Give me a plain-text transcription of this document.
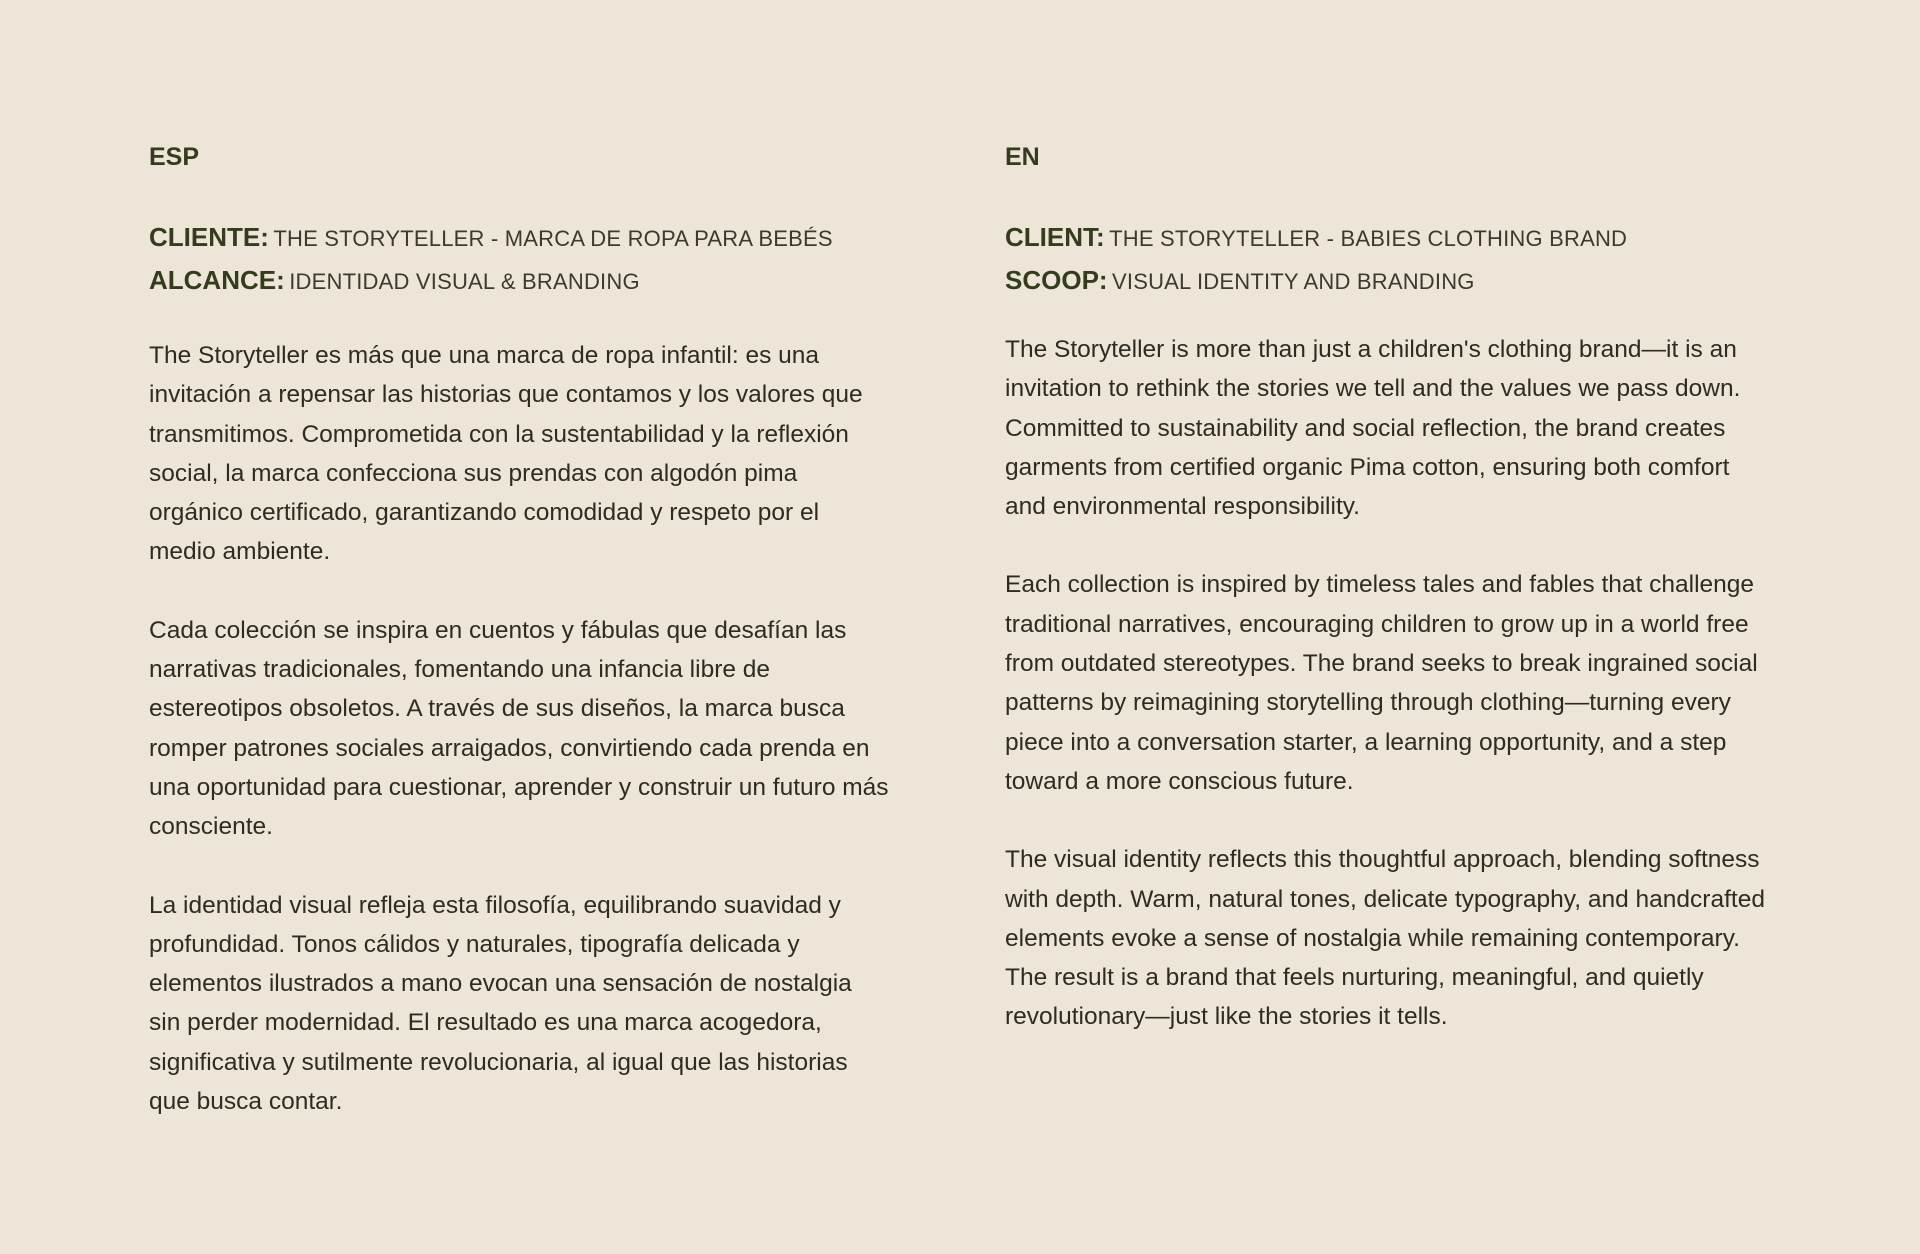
ESP
CLIENTE: THE STORYTELLER - MARCA DE ROPA PARA BEBÉS
ALCANCE: IDENTIDAD VISUAL & BRANDING

The Storyteller es más que una marca de ropa infantil: es una invitación a repensar las historias que contamos y los valores que transmitimos. Comprometida con la sustentabilidad y la reflexión social, la marca confecciona sus prendas con algodón pima orgánico certificado, garantizando comodidad y respeto por el medio ambiente.

Cada colección se inspira en cuentos y fábulas que desafían las narrativas tradicionales, fomentando una infancia libre de estereotipos obsoletos. A través de sus diseños, la marca busca romper patrones sociales arraigados, convirtiendo cada prenda en una oportunidad para cuestionar, aprender y construir un futuro más consciente.

La identidad visual refleja esta filosofía, equilibrando suavidad y profundidad. Tonos cálidos y naturales, tipografía delicada y elementos ilustrados a mano evocan una sensación de nostalgia sin perder modernidad. El resultado es una marca acogedora, significativa y sutilmente revolucionaria, al igual que las historias que busca contar.

EN
CLIENT: THE STORYTELLER - BABIES CLOTHING BRAND
SCOOP: VISUAL IDENTITY AND BRANDING

The Storyteller is more than just a children's clothing brand—it is an invitation to rethink the stories we tell and the values we pass down. Committed to sustainability and social reflection, the brand creates garments from certified organic Pima cotton, ensuring both comfort and environmental responsibility.

Each collection is inspired by timeless tales and fables that challenge traditional narratives, encouraging children to grow up in a world free from outdated stereotypes. The brand seeks to break ingrained social patterns by reimagining storytelling through clothing—turning every piece into a conversation starter, a learning opportunity, and a step toward a more conscious future.

The visual identity reflects this thoughtful approach, blending softness with depth. Warm, natural tones, delicate typography, and handcrafted elements evoke a sense of nostalgia while remaining contemporary. The result is a brand that feels nurturing, meaningful, and quietly revolutionary—just like the stories it tells.
